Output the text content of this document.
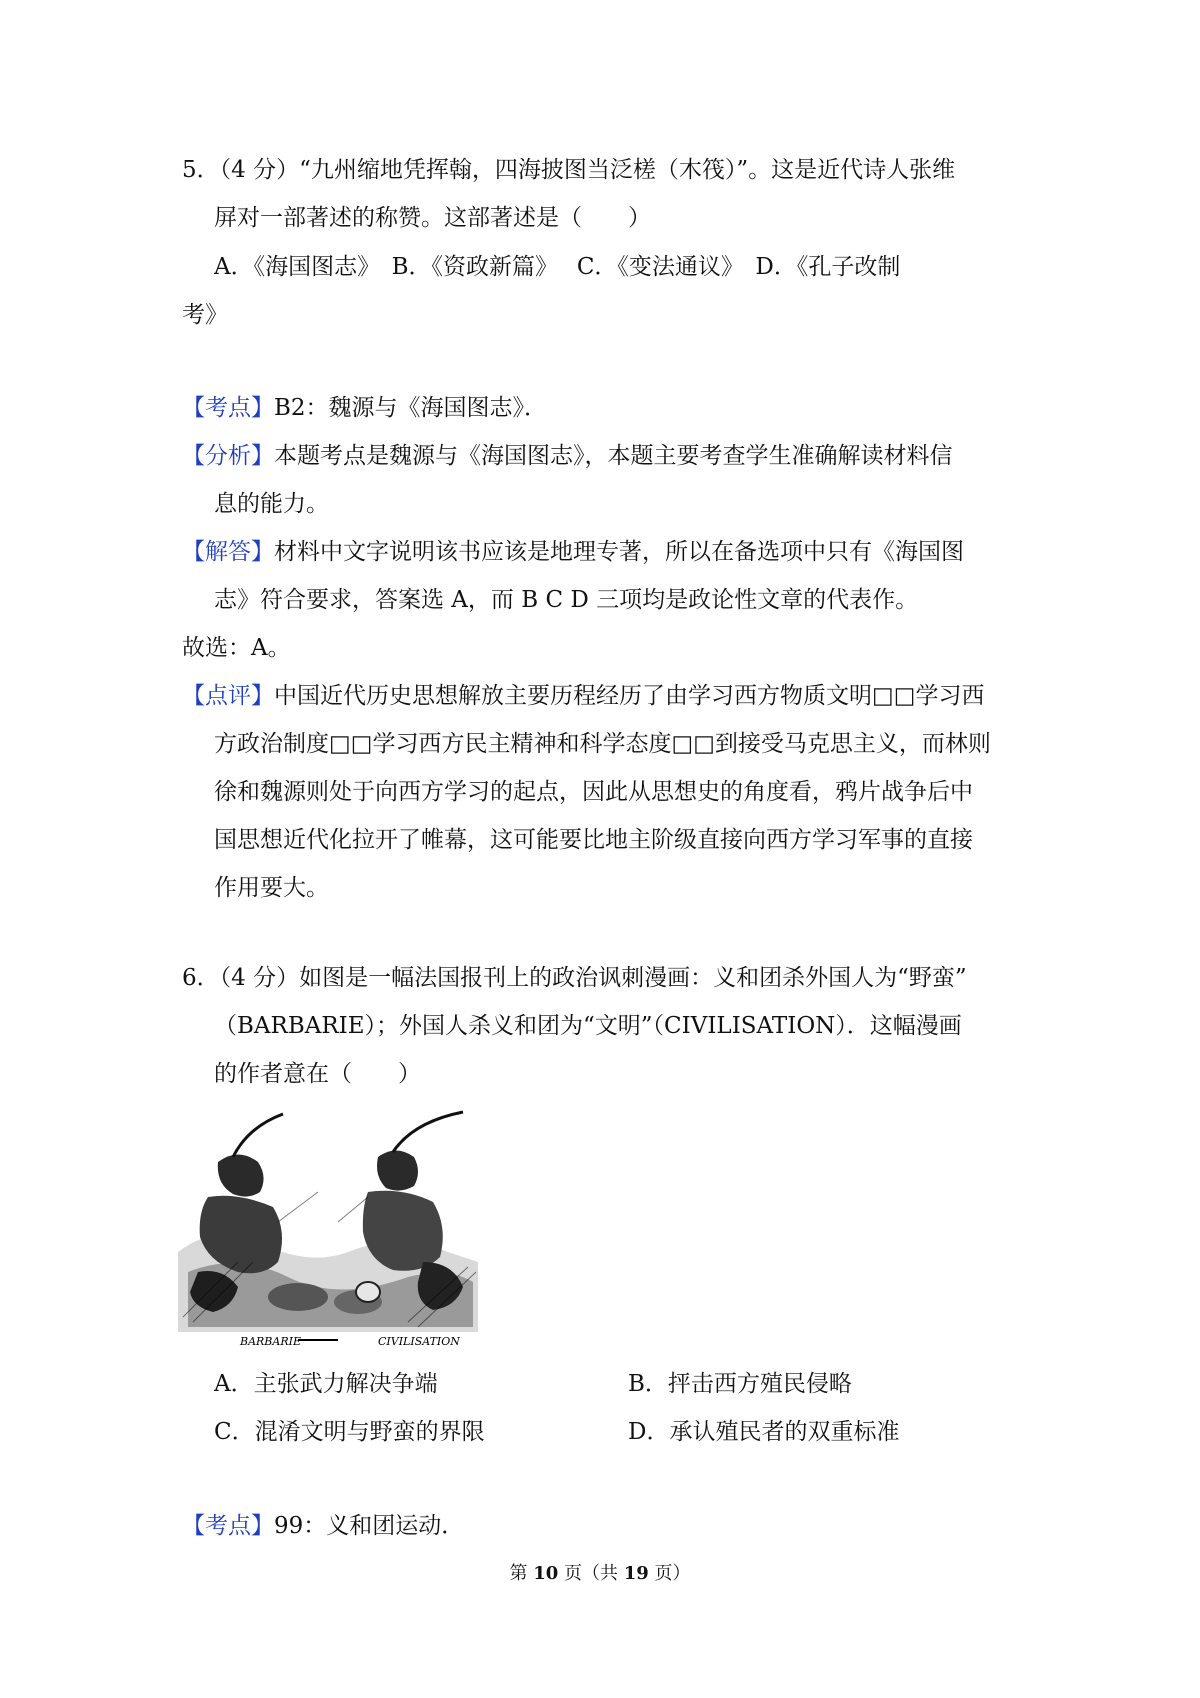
5．（4 分）“九州缩地凭挥翰，四海披图当泛槎（木筏）”。这是近代诗人张维
屏对一部著述的称赞。这部著述是（　　）
A．《海国图志》　B．《资政新篇》　 C．《变法通议》　D．《孔子改制
考》
【考点】B2：魏源与《海国图志》．
【分析】本题考点是魏源与《海国图志》，本题主要考查学生准确解读材料信
息的能力。
【解答】材料中文字说明该书应该是地理专著，所以在备选项中只有《海国图
志》符合要求，答案选 A，而 B C D 三项均是政论性文章的代表作。
故选：A。
【点评】中国近代历史思想解放主要历程经历了由学习西方物质文明□□学习西
方政治制度□□学习西方民主精神和科学态度□□到接受马克思主义，而林则
徐和魏源则处于向西方学习的起点，因此从思想史的角度看，鸦片战争后中
国思想近代化拉开了帷幕，这可能要比地主阶级直接向西方学习军事的直接
作用要大。
6．（4 分）如图是一幅法国报刊上的政治讽刺漫画：义和团杀外国人为“野蛮”
（BARBARIE）；外国人杀义和团为“文明”（CIVILISATION）．这幅漫画
的作者意在（　　）
BARBARIE	CIVILISATION
A．主张武力解决争端	B．抨击西方殖民侵略
C．混淆文明与野蛮的界限	D．承认殖民者的双重标准
【考点】99：义和团运动．
第 10 页（共 19 页）
